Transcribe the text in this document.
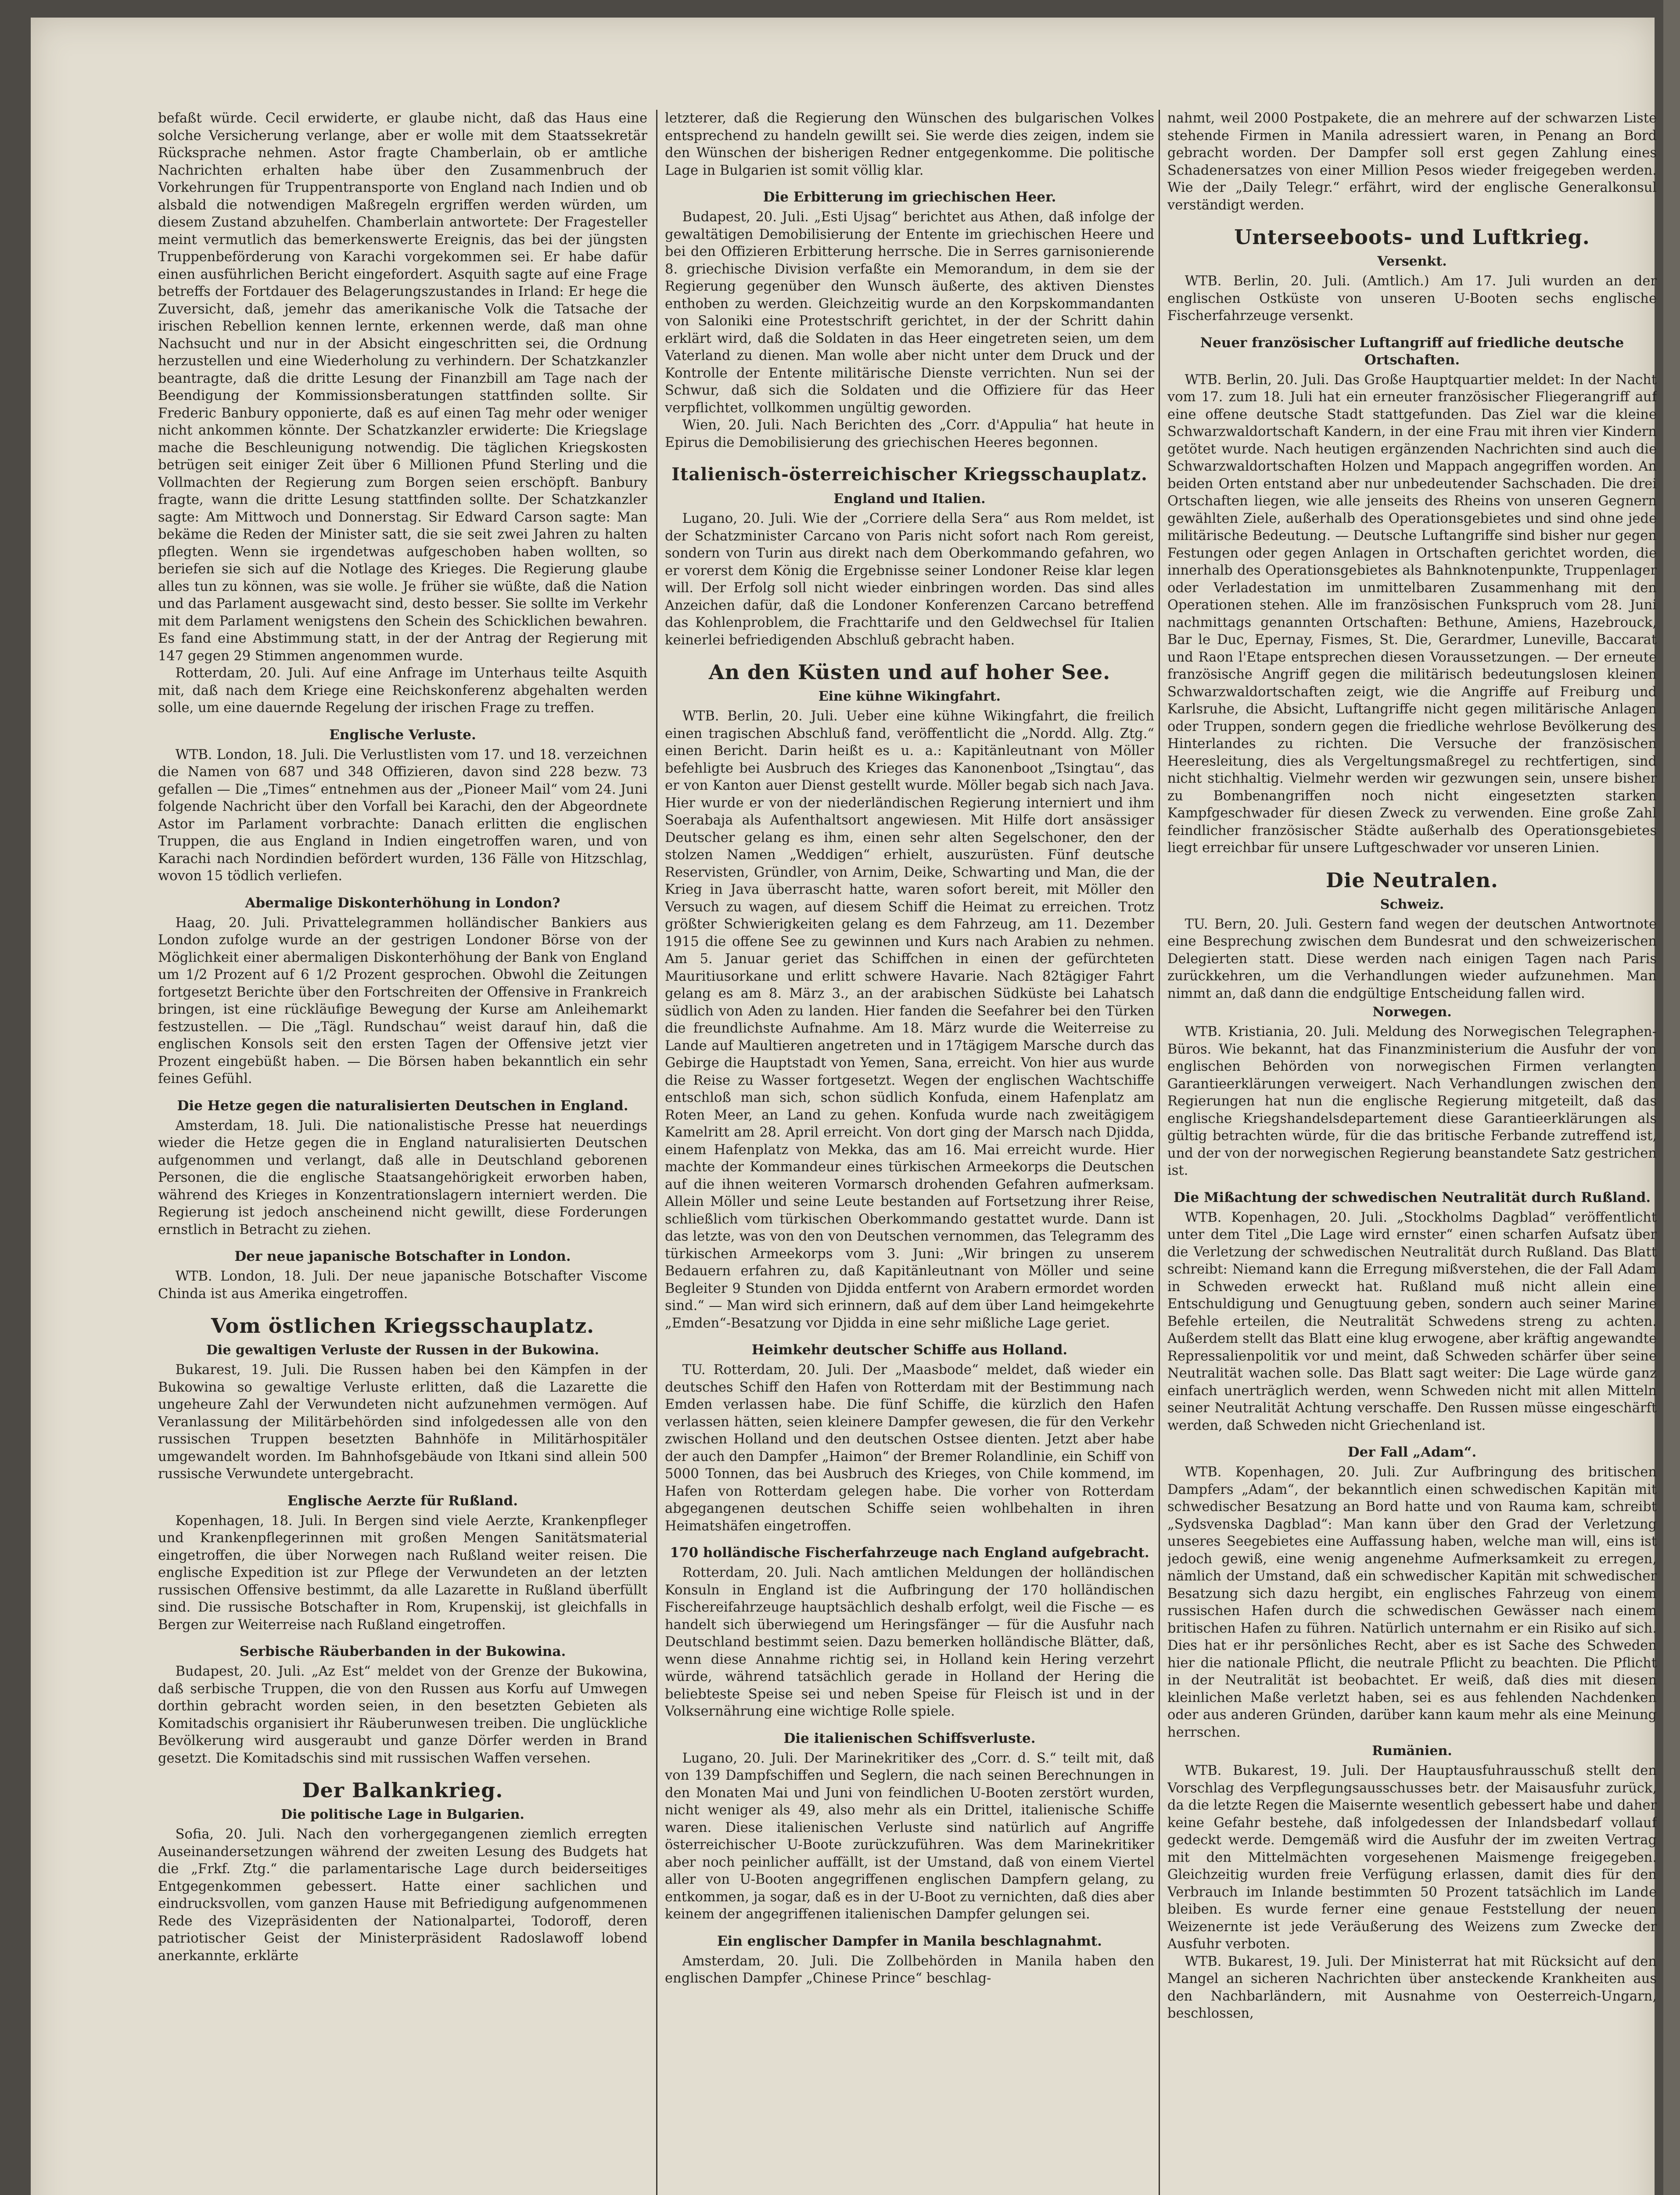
befaßt würde. Cecil erwiderte, er glaube nicht, daß das Haus eine solche Versicherung verlange, aber er wolle mit dem Staatssekretär Rücksprache nehmen. Astor fragte Chamberlain, ob er amtliche Nachrichten erhalten habe über den Zusammenbruch der Vorkehrungen für Truppentransporte von England nach Indien und ob alsbald die notwendigen Maßregeln ergriffen werden würden, um diesem Zustand abzuhelfen. Chamberlain antwortete: Der Fragesteller meint vermutlich das bemerkenswerte Ereignis, das bei der jüngsten Truppenbeförderung von Karachi vorgekommen sei. Er habe dafür einen ausführlichen Bericht eingefordert. Asquith sagte auf eine Frage betreffs der Fortdauer des Belagerungszustandes in Irland: Er hege die Zuversicht, daß, jemehr das amerikanische Volk die Tatsache der irischen Rebellion kennen lernte, erkennen werde, daß man ohne Nachsucht und nur in der Absicht eingeschritten sei, die Ordnung herzustellen und eine Wiederholung zu verhindern. Der Schatzkanzler beantragte, daß die dritte Lesung der Finanzbill am Tage nach der Beendigung der Kommissionsberatungen stattfinden sollte. Sir Frederic Banbury opponierte, daß es auf einen Tag mehr oder weniger nicht ankommen könnte. Der Schatzkanzler erwiderte: Die Kriegslage mache die Beschleunigung notwendig. Die täglichen Kriegskosten betrügen seit einiger Zeit über 6 Millionen Pfund Sterling und die Vollmachten der Regierung zum Borgen seien erschöpft. Banbury fragte, wann die dritte Lesung stattfinden sollte. Der Schatzkanzler sagte: Am Mittwoch und Donnerstag. Sir Edward Carson sagte: Man bekäme die Reden der Minister satt, die sie seit zwei Jahren zu halten pflegten. Wenn sie irgendetwas aufgeschoben haben wollten, so beriefen sie sich auf die Notlage des Krieges. Die Regierung glaube alles tun zu können, was sie wolle. Je früher sie wüßte, daß die Nation und das Parlament ausgewacht sind, desto besser. Sie sollte im Verkehr mit dem Parlament wenigstens den Schein des Schicklichen bewahren. Es fand eine Abstimmung statt, in der der Antrag der Regierung mit 147 gegen 29 Stimmen angenommen wurde.

Rotterdam, 20. Juli. Auf eine Anfrage im Unterhaus teilte Asquith mit, daß nach dem Kriege eine Reichskonferenz abgehalten werden solle, um eine dauernde Regelung der irischen Frage zu treffen.

Englische Verluste.

WTB. London, 18. Juli. Die Verlustlisten vom 17. und 18. verzeichnen die Namen von 687 und 348 Offizieren, davon sind 228 bezw. 73 gefallen — Die „Times“ entnehmen aus der „Pioneer Mail“ vom 24. Juni folgende Nachricht über den Vorfall bei Karachi, den der Abgeordnete Astor im Parlament vorbrachte: Danach erlitten die englischen Truppen, die aus England in Indien eingetroffen waren, und von Karachi nach Nordindien befördert wurden, 136 Fälle von Hitzschlag, wovon 15 tödlich verliefen.

Abermalige Diskonterhöhung in London?

Haag, 20. Juli. Privattelegrammen holländischer Bankiers aus London zufolge wurde an der gestrigen Londoner Börse von der Möglichkeit einer abermaligen Diskonterhöhung der Bank von England um 1/2 Prozent auf 6 1/2 Prozent gesprochen. Obwohl die Zeitungen fortgesetzt Berichte über den Fortschreiten der Offensive in Frankreich bringen, ist eine rückläufige Bewegung der Kurse am Anleihemarkt festzustellen. — Die „Tägl. Rundschau“ weist darauf hin, daß die englischen Konsols seit den ersten Tagen der Offensive jetzt vier Prozent eingebüßt haben. — Die Börsen haben bekanntlich ein sehr feines Gefühl.

Die Hetze gegen die naturalisierten Deutschen in England.

Amsterdam, 18. Juli. Die nationalistische Presse hat neuerdings wieder die Hetze gegen die in England naturalisierten Deutschen aufgenommen und verlangt, daß alle in Deutschland geborenen Personen, die die englische Staatsangehörigkeit erworben haben, während des Krieges in Konzentrationslagern interniert werden. Die Regierung ist jedoch anscheinend nicht gewillt, diese Forderungen ernstlich in Betracht zu ziehen.

Der neue japanische Botschafter in London.

WTB. London, 18. Juli. Der neue japanische Botschafter Viscome Chinda ist aus Amerika eingetroffen.

Vom östlichen Kriegsschauplatz.
Die gewaltigen Verluste der Russen in der Bukowina.

Bukarest, 19. Juli. Die Russen haben bei den Kämpfen in der Bukowina so gewaltige Verluste erlitten, daß die Lazarette die ungeheure Zahl der Verwundeten nicht aufzunehmen vermögen. Auf Veranlassung der Militärbehörden sind infolgedessen alle von den russischen Truppen besetzten Bahnhöfe in Militärhospitäler umgewandelt worden. Im Bahnhofsgebäude von Itkani sind allein 500 russische Verwundete untergebracht.

Englische Aerzte für Rußland.

Kopenhagen, 18. Juli. In Bergen sind viele Aerzte, Krankenpfleger und Krankenpflegerinnen mit großen Mengen Sanitätsmaterial eingetroffen, die über Norwegen nach Rußland weiter reisen. Die englische Expedition ist zur Pflege der Verwundeten an der letzten russischen Offensive bestimmt, da alle Lazarette in Rußland überfüllt sind. Die russische Botschafter in Rom, Krupenskij, ist gleichfalls in Bergen zur Weiterreise nach Rußland eingetroffen.

Serbische Räuberbanden in der Bukowina.

Budapest, 20. Juli. „Az Est“ meldet von der Grenze der Bukowina, daß serbische Truppen, die von den Russen aus Korfu auf Umwegen dorthin gebracht worden seien, in den besetzten Gebieten als Komitadschis organisiert ihr Räuberunwesen treiben. Die unglückliche Bevölkerung wird ausgeraubt und ganze Dörfer werden in Brand gesetzt. Die Komitadschis sind mit russischen Waffen versehen.

Der Balkankrieg.
Die politische Lage in Bulgarien.

Sofia, 20. Juli. Nach den vorhergegangenen ziemlich erregten Auseinandersetzungen während der zweiten Lesung des Budgets hat die „Frkf. Ztg.“ die parlamentarische Lage durch beiderseitiges Entgegenkommen gebessert. Hatte einer sachlichen und eindrucksvollen, vom ganzen Hause mit Befriedigung aufgenommenen Rede des Vizepräsidenten der Nationalpartei, Todoroff, deren patriotischer Geist der Ministerpräsident Radoslawoff lobend anerkannte, erklärte

letzterer, daß die Regierung den Wünschen des bulgarischen Volkes entsprechend zu handeln gewillt sei. Sie werde dies zeigen, indem sie den Wünschen der bisherigen Redner entgegenkomme. Die politische Lage in Bulgarien ist somit völlig klar.

Die Erbitterung im griechischen Heer.

Budapest, 20. Juli. „Esti Ujsag“ berichtet aus Athen, daß infolge der gewaltätigen Demobilisierung der Entente im griechischen Heere und bei den Offizieren Erbitterung herrsche. Die in Serres garnisonierende 8. griechische Division verfaßte ein Memorandum, in dem sie der Regierung gegenüber den Wunsch äußerte, des aktiven Dienstes enthoben zu werden. Gleichzeitig wurde an den Korpskommandanten von Saloniki eine Protestschrift gerichtet, in der der Schritt dahin erklärt wird, daß die Soldaten in das Heer eingetreten seien, um dem Vaterland zu dienen. Man wolle aber nicht unter dem Druck und der Kontrolle der Entente militärische Dienste verrichten. Nun sei der Schwur, daß sich die Soldaten und die Offiziere für das Heer verpflichtet, vollkommen ungültig geworden.

Wien, 20. Juli. Nach Berichten des „Corr. d'Appulia“ hat heute in Epirus die Demobilisierung des griechischen Heeres begonnen.

Italienisch-österreichischer Kriegsschauplatz.
England und Italien.

Lugano, 20. Juli. Wie der „Corriere della Sera“ aus Rom meldet, ist der Schatzminister Carcano von Paris nicht sofort nach Rom gereist, sondern von Turin aus direkt nach dem Oberkommando gefahren, wo er vorerst dem König die Ergebnisse seiner Londoner Reise klar legen will. Der Erfolg soll nicht wieder einbringen worden. Das sind alles Anzeichen dafür, daß die Londoner Konferenzen Carcano betreffend das Kohlenproblem, die Frachttarife und den Geldwechsel für Italien keinerlei befriedigenden Abschluß gebracht haben.

An den Küsten und auf hoher See.
Eine kühne Wikingfahrt.

WTB. Berlin, 20. Juli. Ueber eine kühne Wikingfahrt, die freilich einen tragischen Abschluß fand, veröffentlicht die „Nordd. Allg. Ztg.“ einen Bericht. Darin heißt es u. a.: Kapitänleutnant von Möller befehligte bei Ausbruch des Krieges das Kanonenboot „Tsingtau“, das er von Kanton auer Dienst gestellt wurde. Möller begab sich nach Java. Hier wurde er von der niederländischen Regierung interniert und ihm Soerabaja als Aufenthaltsort angewiesen. Mit Hilfe dort ansässiger Deutscher gelang es ihm, einen sehr alten Segelschoner, den der stolzen Namen „Weddigen“ erhielt, auszurüsten. Fünf deutsche Reservisten, Gründler, von Arnim, Deike, Schwarting und Man, die der Krieg in Java überrascht hatte, waren sofort bereit, mit Möller den Versuch zu wagen, auf diesem Schiff die Heimat zu erreichen. Trotz größter Schwierigkeiten gelang es dem Fahrzeug, am 11. Dezember 1915 die offene See zu gewinnen und Kurs nach Arabien zu nehmen. Am 5. Januar geriet das Schiffchen in einen der gefürchteten Mauritiusorkane und erlitt schwere Havarie. Nach 82tägiger Fahrt gelang es am 8. März 3., an der arabischen Südküste bei Lahatsch südlich von Aden zu landen. Hier fanden die Seefahrer bei den Türken die freundlichste Aufnahme. Am 18. März wurde die Weiterreise zu Lande auf Maultieren angetreten und in 17tägigem Marsche durch das Gebirge die Hauptstadt von Yemen, Sana, erreicht. Von hier aus wurde die Reise zu Wasser fortgesetzt. Wegen der englischen Wachtschiffe entschloß man sich, schon südlich Konfuda, einem Hafenplatz am Roten Meer, an Land zu gehen. Konfuda wurde nach zweitägigem Kamelritt am 28. April erreicht. Von dort ging der Marsch nach Djidda, einem Hafenplatz von Mekka, das am 16. Mai erreicht wurde. Hier machte der Kommandeur eines türkischen Armeekorps die Deutschen auf die ihnen weiteren Vormarsch drohenden Gefahren aufmerksam. Allein Möller und seine Leute bestanden auf Fortsetzung ihrer Reise, schließlich vom türkischen Oberkommando gestattet wurde. Dann ist das letzte, was von den von Deutschen vernommen, das Telegramm des türkischen Armeekorps vom 3. Juni: „Wir bringen zu unserem Bedauern erfahren zu, daß Kapitänleutnant von Möller und seine Begleiter 9 Stunden von Djidda entfernt von Arabern ermordet worden sind.“ — Man wird sich erinnern, daß auf dem über Land heimgekehrte „Emden“-Besatzung vor Djidda in eine sehr mißliche Lage geriet.

Heimkehr deutscher Schiffe aus Holland.

TU. Rotterdam, 20. Juli. Der „Maasbode“ meldet, daß wieder ein deutsches Schiff den Hafen von Rotterdam mit der Bestimmung nach Emden verlassen habe. Die fünf Schiffe, die kürzlich den Hafen verlassen hätten, seien kleinere Dampfer gewesen, die für den Verkehr zwischen Holland und den deutschen Ostsee dienten. Jetzt aber habe der auch den Dampfer „Haimon“ der Bremer Rolandlinie, ein Schiff von 5000 Tonnen, das bei Ausbruch des Krieges, von Chile kommend, im Hafen von Rotterdam gelegen habe. Die vorher von Rotterdam abgegangenen deutschen Schiffe seien wohlbehalten in ihren Heimatshäfen eingetroffen.

170 holländische Fischerfahrzeuge nach England aufgebracht.

Rotterdam, 20. Juli. Nach amtlichen Meldungen der holländischen Konsuln in England ist die Aufbringung der 170 holländischen Fischereifahrzeuge hauptsächlich deshalb erfolgt, weil die Fische — es handelt sich überwiegend um Heringsfänger — für die Ausfuhr nach Deutschland bestimmt seien. Dazu bemerken holländische Blätter, daß, wenn diese Annahme richtig sei, in Holland kein Hering verzehrt würde, während tatsächlich gerade in Holland der Hering die beliebteste Speise sei und neben Speise für Fleisch ist und in der Volksernährung eine wichtige Rolle spiele.

Die italienischen Schiffsverluste.

Lugano, 20. Juli. Der Marinekritiker des „Corr. d. S.“ teilt mit, daß von 139 Dampfschiffen und Seglern, die nach seinen Berechnungen in den Monaten Mai und Juni von feindlichen U-Booten zerstört wurden, nicht weniger als 49, also mehr als ein Drittel, italienische Schiffe waren. Diese italienischen Verluste sind natürlich auf Angriffe österreichischer U-Boote zurückzuführen. Was dem Marinekritiker aber noch peinlicher auffällt, ist der Umstand, daß von einem Viertel aller von U-Booten angegriffenen englischen Dampfern gelang, zu entkommen, ja sogar, daß es in der U-Boot zu vernichten, daß dies aber keinem der angegriffenen italienischen Dampfer gelungen sei.

Ein englischer Dampfer in Manila beschlagnahmt.

Amsterdam, 20. Juli. Die Zollbehörden in Manila haben den englischen Dampfer „Chinese Prince“ beschlag-

nahmt, weil 2000 Postpakete, die an mehrere auf der schwarzen Liste stehende Firmen in Manila adressiert waren, in Penang an Bord gebracht worden. Der Dampfer soll erst gegen Zahlung eines Schadenersatzes von einer Million Pesos wieder freigegeben werden. Wie der „Daily Telegr.“ erfährt, wird der englische Generalkonsul verständigt werden.

Unterseeboots- und Luftkrieg.
Versenkt.

WTB. Berlin, 20. Juli. (Amtlich.) Am 17. Juli wurden an der englischen Ostküste von unseren U-Booten sechs englische Fischerfahrzeuge versenkt.

Neuer französischer Luftangriff auf friedliche deutsche Ortschaften.

WTB. Berlin, 20. Juli. Das Große Hauptquartier meldet: In der Nacht vom 17. zum 18. Juli hat ein erneuter französischer Fliegerangriff auf eine offene deutsche Stadt stattgefunden. Das Ziel war die kleine Schwarzwaldortschaft Kandern, in der eine Frau mit ihren vier Kindern getötet wurde. Nach heutigen ergänzenden Nachrichten sind auch die Schwarzwaldortschaften Holzen und Mappach angegriffen worden. An beiden Orten entstand aber nur unbedeutender Sachschaden. Die drei Ortschaften liegen, wie alle jenseits des Rheins von unseren Gegnern gewählten Ziele, außerhalb des Operationsgebietes und sind ohne jede militärische Bedeutung. — Deutsche Luftangriffe sind bisher nur gegen Festungen oder gegen Anlagen in Ortschaften gerichtet worden, die innerhalb des Operationsgebietes als Bahnknotenpunkte, Truppenlager oder Verladestation im unmittelbaren Zusammenhang mit den Operationen stehen. Alle im französischen Funkspruch vom 28. Juni nachmittags genannten Ortschaften: Bethune, Amiens, Hazebrouck, Bar le Duc, Epernay, Fismes, St. Die, Gerardmer, Luneville, Baccarat und Raon l'Etape entsprechen diesen Voraussetzungen. — Der erneute französische Angriff gegen die militärisch bedeutungslosen kleinen Schwarzwaldortschaften zeigt, wie die Angriffe auf Freiburg und Karlsruhe, die Absicht, Luftangriffe nicht gegen militärische Anlagen oder Truppen, sondern gegen die friedliche wehrlose Bevölkerung des Hinterlandes zu richten. Die Versuche der französischen Heeresleitung, dies als Vergeltungsmaßregel zu rechtfertigen, sind nicht stichhaltig. Vielmehr werden wir gezwungen sein, unsere bisher zu Bombenangriffen noch nicht eingesetzten starken Kampfgeschwader für diesen Zweck zu verwenden. Eine große Zahl feindlicher französischer Städte außerhalb des Operationsgebietes liegt erreichbar für unsere Luftgeschwader vor unseren Linien.

Die Neutralen.
Schweiz.

TU. Bern, 20. Juli. Gestern fand wegen der deutschen Antwortnote eine Besprechung zwischen dem Bundesrat und den schweizerischen Delegierten statt. Diese werden nach einigen Tagen nach Paris zurückkehren, um die Verhandlungen wieder aufzunehmen. Man nimmt an, daß dann die endgültige Entscheidung fallen wird.

Norwegen.

WTB. Kristiania, 20. Juli. Meldung des Norwegischen Telegraphen-Büros. Wie bekannt, hat das Finanzministerium die Ausfuhr der von englischen Behörden von norwegischen Firmen verlangten Garantieerklärungen verweigert. Nach Verhandlungen zwischen den Regierungen hat nun die englische Regierung mitgeteilt, daß das englische Kriegshandelsdepartement diese Garantieerklärungen als gültig betrachten würde, für die das britische Ferbande zutreffend ist, und der von der norwegischen Regierung beanstandete Satz gestrichen ist.

Die Mißachtung der schwedischen Neutralität durch Rußland.

WTB. Kopenhagen, 20. Juli. „Stockholms Dagblad“ veröffentlicht unter dem Titel „Die Lage wird ernster“ einen scharfen Aufsatz über die Verletzung der schwedischen Neutralität durch Rußland. Das Blatt schreibt: Niemand kann die Erregung mißverstehen, die der Fall Adam in Schweden erweckt hat. Rußland muß nicht allein eine Entschuldigung und Genugtuung geben, sondern auch seiner Marine Befehle erteilen, die Neutralität Schwedens streng zu achten. Außerdem stellt das Blatt eine klug erwogene, aber kräftig angewandte Repressalienpolitik vor und meint, daß Schweden schärfer über seine Neutralität wachen solle. Das Blatt sagt weiter: Die Lage würde ganz einfach unerträglich werden, wenn Schweden nicht mit allen Mitteln seiner Neutralität Achtung verschaffe. Den Russen müsse eingeschärft werden, daß Schweden nicht Griechenland ist.

Der Fall „Adam“.

WTB. Kopenhagen, 20. Juli. Zur Aufbringung des britischen Dampfers „Adam“, der bekanntlich einen schwedischen Kapitän mit schwedischer Besatzung an Bord hatte und von Rauma kam, schreibt „Sydsvenska Dagblad“: Man kann über den Grad der Verletzung unseres Seegebietes eine Auffassung haben, welche man will, eins ist jedoch gewiß, eine wenig angenehme Aufmerksamkeit zu erregen, nämlich der Umstand, daß ein schwedischer Kapitän mit schwedischer Besatzung sich dazu hergibt, ein englisches Fahrzeug von einem russischen Hafen durch die schwedischen Gewässer nach einem britischen Hafen zu führen. Natürlich unternahm er ein Risiko auf sich. Dies hat er ihr persönliches Recht, aber es ist Sache des Schweden hier die nationale Pflicht, die neutrale Pflicht zu beachten. Die Pflicht in der Neutralität ist beobachtet. Er weiß, daß dies mit diesen kleinlichen Maße verletzt haben, sei es aus fehlenden Nachdenken oder aus anderen Gründen, darüber kann kaum mehr als eine Meinung herrschen.

Rumänien.

WTB. Bukarest, 19. Juli. Der Hauptausfuhrausschuß stellt den Vorschlag des Verpflegungsausschusses betr. der Maisausfuhr zurück, da die letzte Regen die Maisernte wesentlich gebessert habe und daher keine Gefahr bestehe, daß infolgedessen der Inlandsbedarf vollauf gedeckt werde. Demgemäß wird die Ausfuhr der im zweiten Vertrag mit den Mittelmächten vorgesehenen Maismenge freigegeben. Gleichzeitig wurden freie Verfügung erlassen, damit dies für den Verbrauch im Inlande bestimmten 50 Prozent tatsächlich im Lande bleiben. Es wurde ferner eine genaue Feststellung der neuen Weizenernte ist jede Veräußerung des Weizens zum Zwecke der Ausfuhr verboten.

WTB. Bukarest, 19. Juli. Der Ministerrat hat mit Rücksicht auf den Mangel an sicheren Nachrichten über ansteckende Krankheiten aus den Nachbarländern, mit Ausnahme von Oesterreich-Ungarn, beschlossen,
